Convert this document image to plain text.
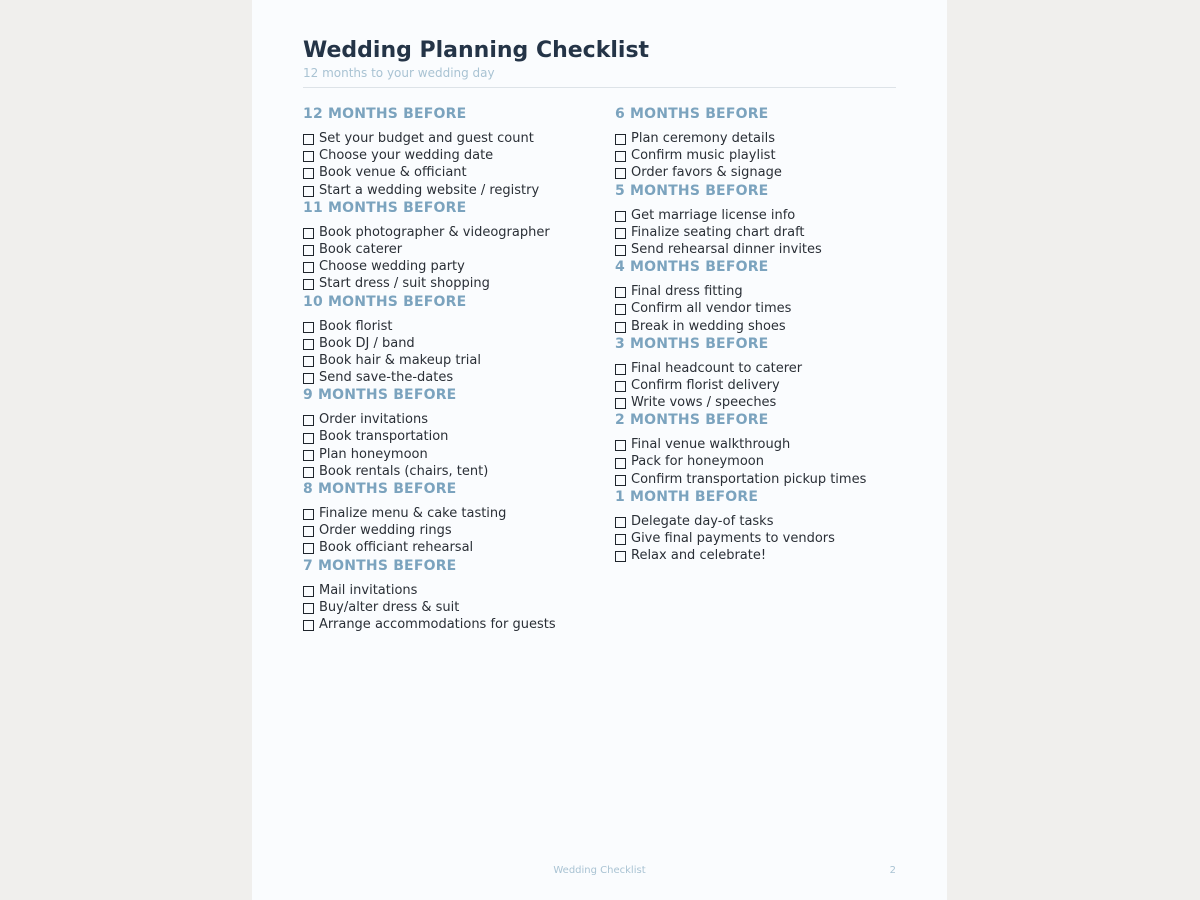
Wedding Planning Checklist
12 months to your wedding day
12 MONTHS BEFORE
Set your budget and guest count
Choose your wedding date
Book venue & officiant
Start a wedding website / registry
11 MONTHS BEFORE
Book photographer & videographer
Book caterer
Choose wedding party
Start dress / suit shopping
10 MONTHS BEFORE
Book florist
Book DJ / band
Book hair & makeup trial
Send save-the-dates
9 MONTHS BEFORE
Order invitations
Book transportation
Plan honeymoon
Book rentals (chairs, tent)
8 MONTHS BEFORE
Finalize menu & cake tasting
Order wedding rings
Book officiant rehearsal
7 MONTHS BEFORE
Mail invitations
Buy/alter dress & suit
Arrange accommodations for guests
6 MONTHS BEFORE
Plan ceremony details
Confirm music playlist
Order favors & signage
5 MONTHS BEFORE
Get marriage license info
Finalize seating chart draft
Send rehearsal dinner invites
4 MONTHS BEFORE
Final dress fitting
Confirm all vendor times
Break in wedding shoes
3 MONTHS BEFORE
Final headcount to caterer
Confirm florist delivery
Write vows / speeches
2 MONTHS BEFORE
Final venue walkthrough
Pack for honeymoon
Confirm transportation pickup times
1 MONTH BEFORE
Delegate day-of tasks
Give final payments to vendors
Relax and celebrate!
Wedding Checklist	2
